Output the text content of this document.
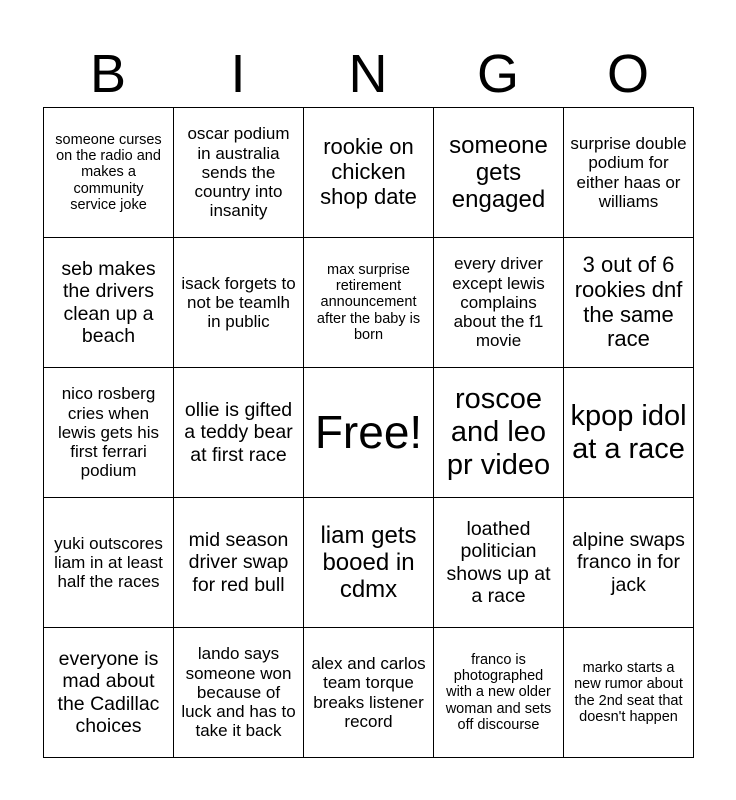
B	I	N	G	O
someone curses on the radio and makes a community service joke	oscar podium in australia sends the country into insanity	rookie on chicken shop date	someone gets engaged	surprise double podium for either haas or williams
seb makes the drivers clean up a beach	isack forgets to not be teamlh in public	max surprise retirement announcement after the baby is born	every driver except lewis complains about the f1 movie	3 out of 6 rookies dnf the same race
nico rosberg cries when lewis gets his first ferrari podium	ollie is gifted a teddy bear at first race	Free!	roscoe and leo pr video	kpop idol at a race
yuki outscores liam in at least half the races	mid season driver swap for red bull	liam gets booed in cdmx	loathed politician shows up at a race	alpine swaps franco in for jack
everyone is mad about the Cadillac choices	lando says someone won because of luck and has to take it back	alex and carlos team torque breaks listener record	franco is photographed with a new older woman and sets off discourse	marko starts a new rumor about the 2nd seat that doesn't happen
